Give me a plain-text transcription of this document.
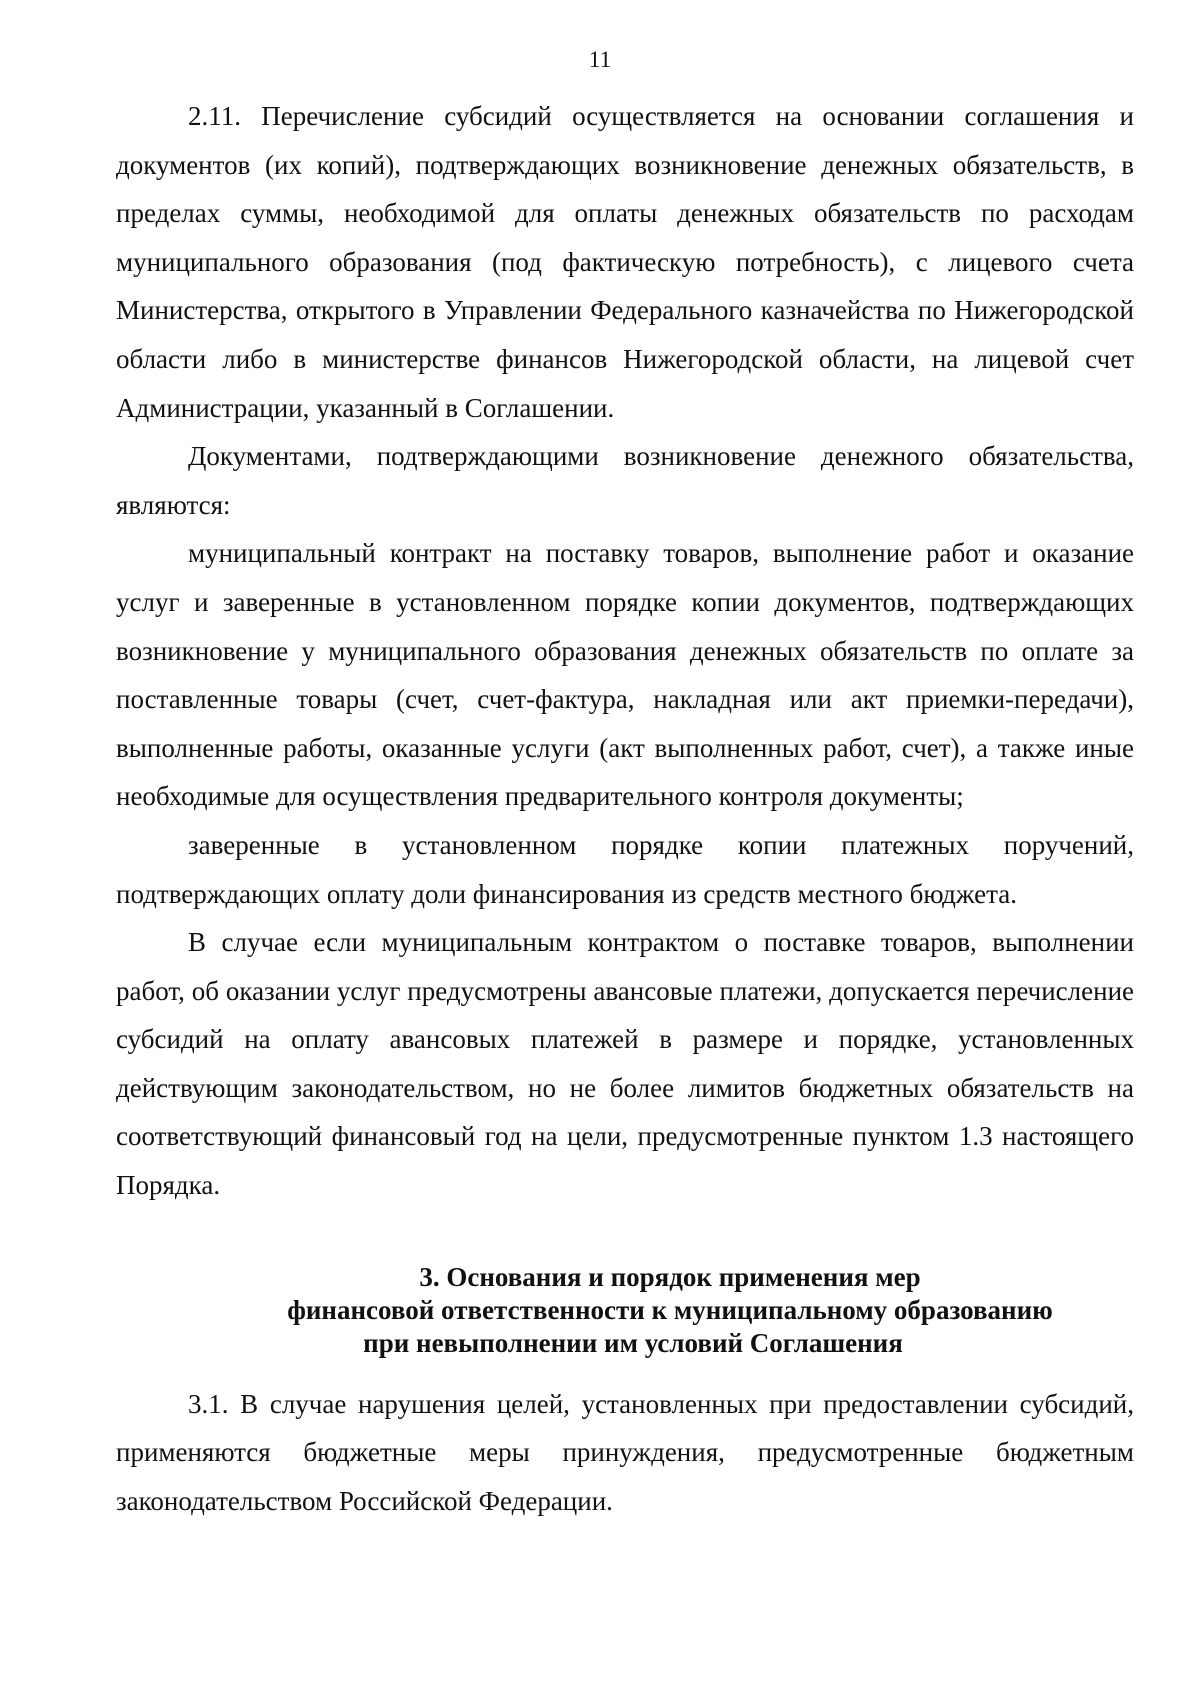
11

2.11. Перечисление субсидий осуществляется на основании соглашения и документов (их копий), подтверждающих возникновение денежных обязательств, в пределах суммы, необходимой для оплаты денежных обязательств по расходам муниципального образования (под фактическую потребность), с лицевого счета Министерства, открытого в Управлении Федерального казначейства по Нижегородской области либо в министерстве финансов Нижегородской области, на лицевой счет Администрации, указанный в Соглашении.

Документами, подтверждающими возникновение денежного обязательства, являются:

муниципальный контракт на поставку товаров, выполнение работ и оказание услуг и заверенные в установленном порядке копии документов, подтверждающих возникновение у муниципального образования денежных обязательств по оплате за поставленные товары (счет, счет-фактура, накладная или акт приемки-передачи), выполненные работы, оказанные услуги (акт выполненных работ, счет), а также иные необходимые для осуществления предварительного контроля документы;

заверенные в установленном порядке копии платежных поручений, подтверждающих оплату доли финансирования из средств местного бюджета.

В случае если муниципальным контрактом о поставке товаров, выполнении работ, об оказании услуг предусмотрены авансовые платежи, допускается перечисление субсидий на оплату авансовых платежей в размере и порядке, установленных действующим законодательством, но не более лимитов бюджетных обязательств на соответствующий финансовый год на цели, предусмотренные пунктом 1.3 настоящего Порядка.

3. Основания и порядок применения мер
финансовой ответственности к муниципальному образованию
при невыполнении им условий Соглашения

3.1. В случае нарушения целей, установленных при предоставлении субсидий, применяются бюджетные меры принуждения, предусмотренные бюджетным законодательством Российской Федерации.
